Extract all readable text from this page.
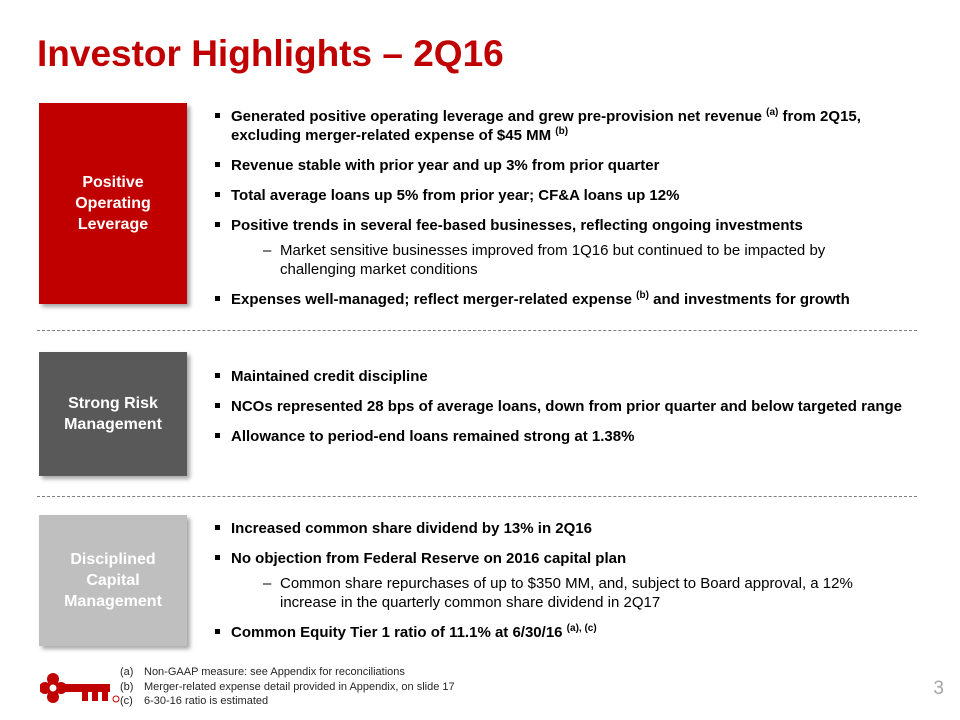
Investor Highlights – 2Q16
Positive
Operating
Leverage
Generated positive operating leverage and grew pre-provision net revenue $^{(a)}$ from 2Q15, excluding merger-related expense of $45 MM $^{(b)}$
Revenue stable with prior year and up 3% from prior quarter
Total average loans up 5% from prior year; CF&A loans up 12%
Positive trends in several fee-based businesses, reflecting ongoing investments
– Market sensitive businesses improved from 1Q16 but continued to be impacted by challenging market conditions
Expenses well-managed; reflect merger-related expense $^{(b)}$ and investments for growth
Strong Risk
Management
Maintained credit discipline
NCOs represented 28 bps of average loans, down from prior quarter and below targeted range
Allowance to period-end loans remained strong at 1.38%
Disciplined
Capital
Management
Increased common share dividend by 13% in 2Q16
No objection from Federal Reserve on 2016 capital plan
– Common share repurchases of up to $350 MM, and, subject to Board approval, a 12% increase in the quarterly common share dividend in 2Q17
Common Equity Tier 1 ratio of 11.1% at 6/30/16 $^{(a), (c)}$
(a) Non-GAAP measure: see Appendix for reconciliations
(b) Merger-related expense detail provided in Appendix, on slide 17
(c) 6-30-16 ratio is estimated
3
